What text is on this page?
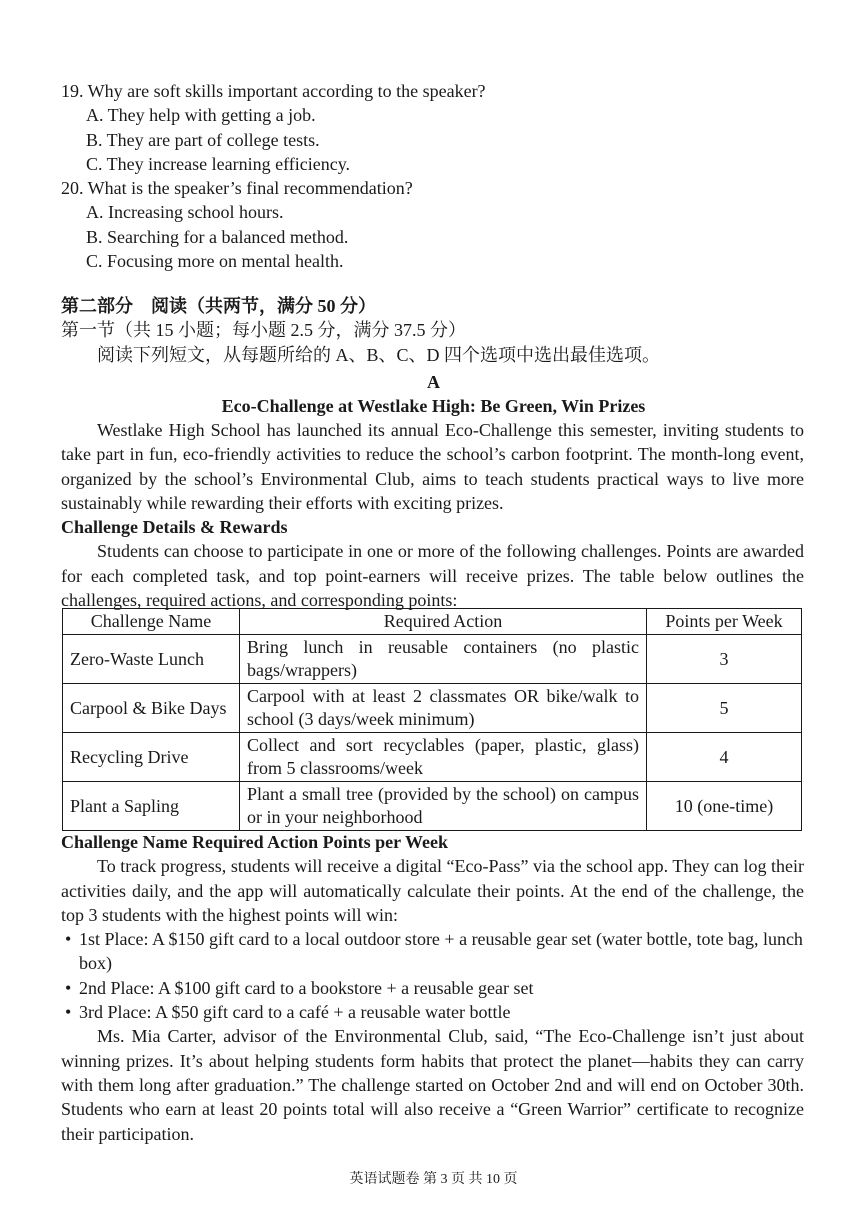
19. Why are soft skills important according to the speaker?

A. They help with getting a job.

B. They are part of college tests.

C. They increase learning efficiency.

20. What is the speaker’s final recommendation?

A. Increasing school hours.

B. Searching for a balanced method.

C. Focusing more on mental health.

第二部分　阅读（共两节，满分 50 分）

第一节（共 15 小题；每小题 2.5 分，满分 37.5 分）

阅读下列短文，从每题所给的 A、B、C、D 四个选项中选出最佳选项。

A
Eco-Challenge at Westlake High: Be Green, Win Prizes

Westlake High School has launched its annual Eco-Challenge this semester, inviting students to take part in fun, eco-friendly activities to reduce the school’s carbon footprint. The month-long event, organized by the school’s Environmental Club, aims to teach students practical ways to live more sustainably while rewarding their efforts with exciting prizes.

Challenge Details & Rewards

Students can choose to participate in one or more of the following challenges. Points are awarded for each completed task, and top point-earners will receive prizes. The table below outlines the challenges, required actions, and corresponding points:

Challenge Name	Required Action	Points per Week
Zero-Waste Lunch	Bring lunch in reusable containers (no plastic bags/wrappers)	3
Carpool & Bike Days	Carpool with at least 2 classmates OR bike/walk to school (3 days/week minimum)	5
Recycling Drive	Collect and sort recyclables (paper, plastic, glass) from 5 classrooms/week	4
Plant a Sapling	Plant a small tree (provided by the school) on campus or in your neighborhood	10 (one-time)

Challenge Name Required Action Points per Week

To track progress, students will receive a digital “Eco-Pass” via the school app. They can log their activities daily, and the app will automatically calculate their points. At the end of the challenge, the top 3 students with the highest points will win:

• 1st Place: A $150 gift card to a local outdoor store + a reusable gear set (water bottle, tote bag, lunch box)

• 2nd Place: A $100 gift card to a bookstore + a reusable gear set

• 3rd Place: A $50 gift card to a café + a reusable water bottle

Ms. Mia Carter, advisor of the Environmental Club, said, “The Eco-Challenge isn’t just about winning prizes. It’s about helping students form habits that protect the planet—habits they can carry with them long after graduation.” The challenge started on October 2nd and will end on October 30th. Students who earn at least 20 points total will also receive a “Green Warrior” certificate to recognize their participation.

英语试题卷 第 3 页 共 10 页
